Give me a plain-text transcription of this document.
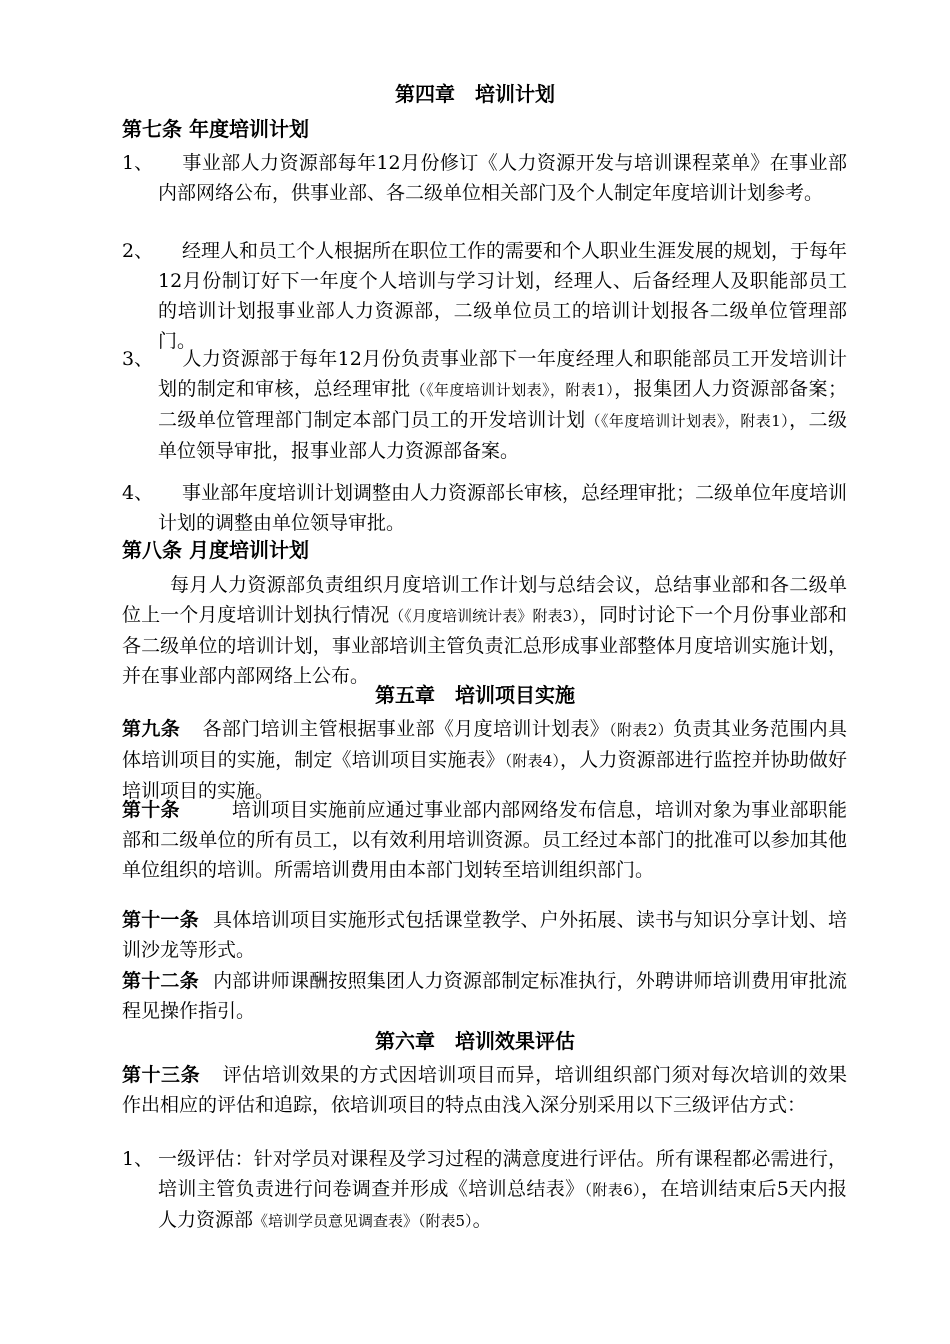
第四章　培训计划
第七条 年度培训计划
1、	事业部人力资源部每年12月份修订《人力资源开发与培训课程菜单》在事业部内部网络公布，供事业部、各二级单位相关部门及个人制定年度培训计划参考。
2、	经理人和员工个人根据所在职位工作的需要和个人职业生涯发展的规划，于每年12月份制订好下一年度个人培训与学习计划，经理人、后备经理人及职能部员工的培训计划报事业部人力资源部，二级单位员工的培训计划报各二级单位管理部门。
3、	人力资源部于每年12月份负责事业部下一年度经理人和职能部员工开发培训计划的制定和审核，总经理审批（《年度培训计划表》，附表1），报集团人力资源部备案；二级单位管理部门制定本部门员工的开发培训计划（《年度培训计划表》，附表1），二级单位领导审批，报事业部人力资源部备案。
4、	事业部年度培训计划调整由人力资源部长审核，总经理审批；二级单位年度培训计划的调整由单位领导审批。
第八条 月度培训计划
每月人力资源部负责组织月度培训工作计划与总结会议，总结事业部和各二级单位上一个月度培训计划执行情况（《月度培训统计表》附表3），同时讨论下一个月份事业部和各二级单位的培训计划，事业部培训主管负责汇总形成事业部整体月度培训实施计划，并在事业部内部网络上公布。
第五章　培训项目实施
第九条 各部门培训主管根据事业部《月度培训计划表》（附表2）负责其业务范围内具体培训项目的实施，制定《培训项目实施表》（附表4），人力资源部进行监控并协助做好培训项目的实施。
第十条	培训项目实施前应通过事业部内部网络发布信息，培训对象为事业部职能部和二级单位的所有员工，以有效利用培训资源。员工经过本部门的批准可以参加其他单位组织的培训。所需培训费用由本部门划转至培训组织部门。
第十一条 具体培训项目实施形式包括课堂教学、户外拓展、读书与知识分享计划、培训沙龙等形式。
第十二条 内部讲师课酬按照集团人力资源部制定标准执行，外聘讲师培训费用审批流程见操作指引。
第六章　培训效果评估
第十三条 评估培训效果的方式因培训项目而异，培训组织部门须对每次培训的效果作出相应的评估和追踪，依培训项目的特点由浅入深分别采用以下三级评估方式：
1、 一级评估：针对学员对课程及学习过程的满意度进行评估。所有课程都必需进行，培训主管负责进行问卷调查并形成《培训总结表》（附表6），在培训结束后5天内报人力资源部《培训学员意见调查表》（附表5）。
